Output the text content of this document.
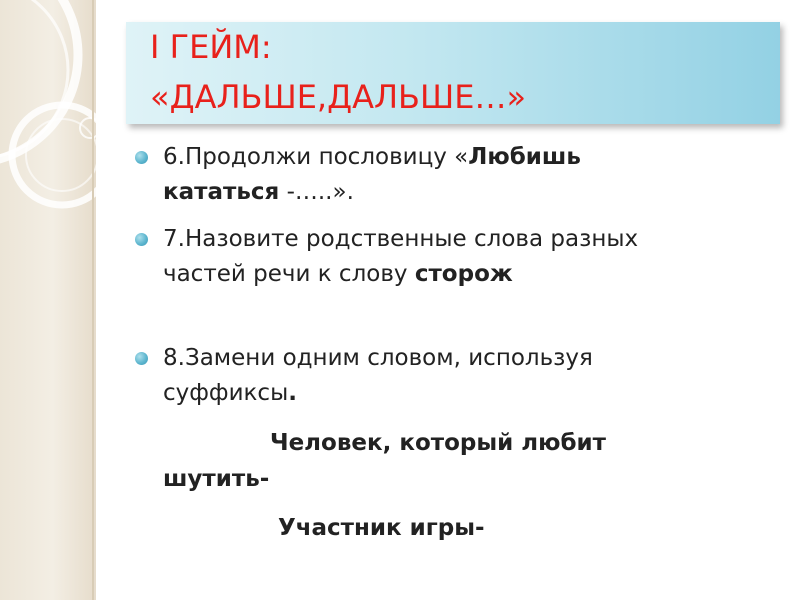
I ГЕЙМ:
«ДАЛЬШЕ,ДАЛЬШЕ…»
6.Продолжи пословицу «Любишь
кататься -…..».
7.Назовите родственные слова разных
частей речи к слову сторож
8.Замени одним словом, используя
суффиксы.
Человек, который любит
шутить-
Участник игры-
